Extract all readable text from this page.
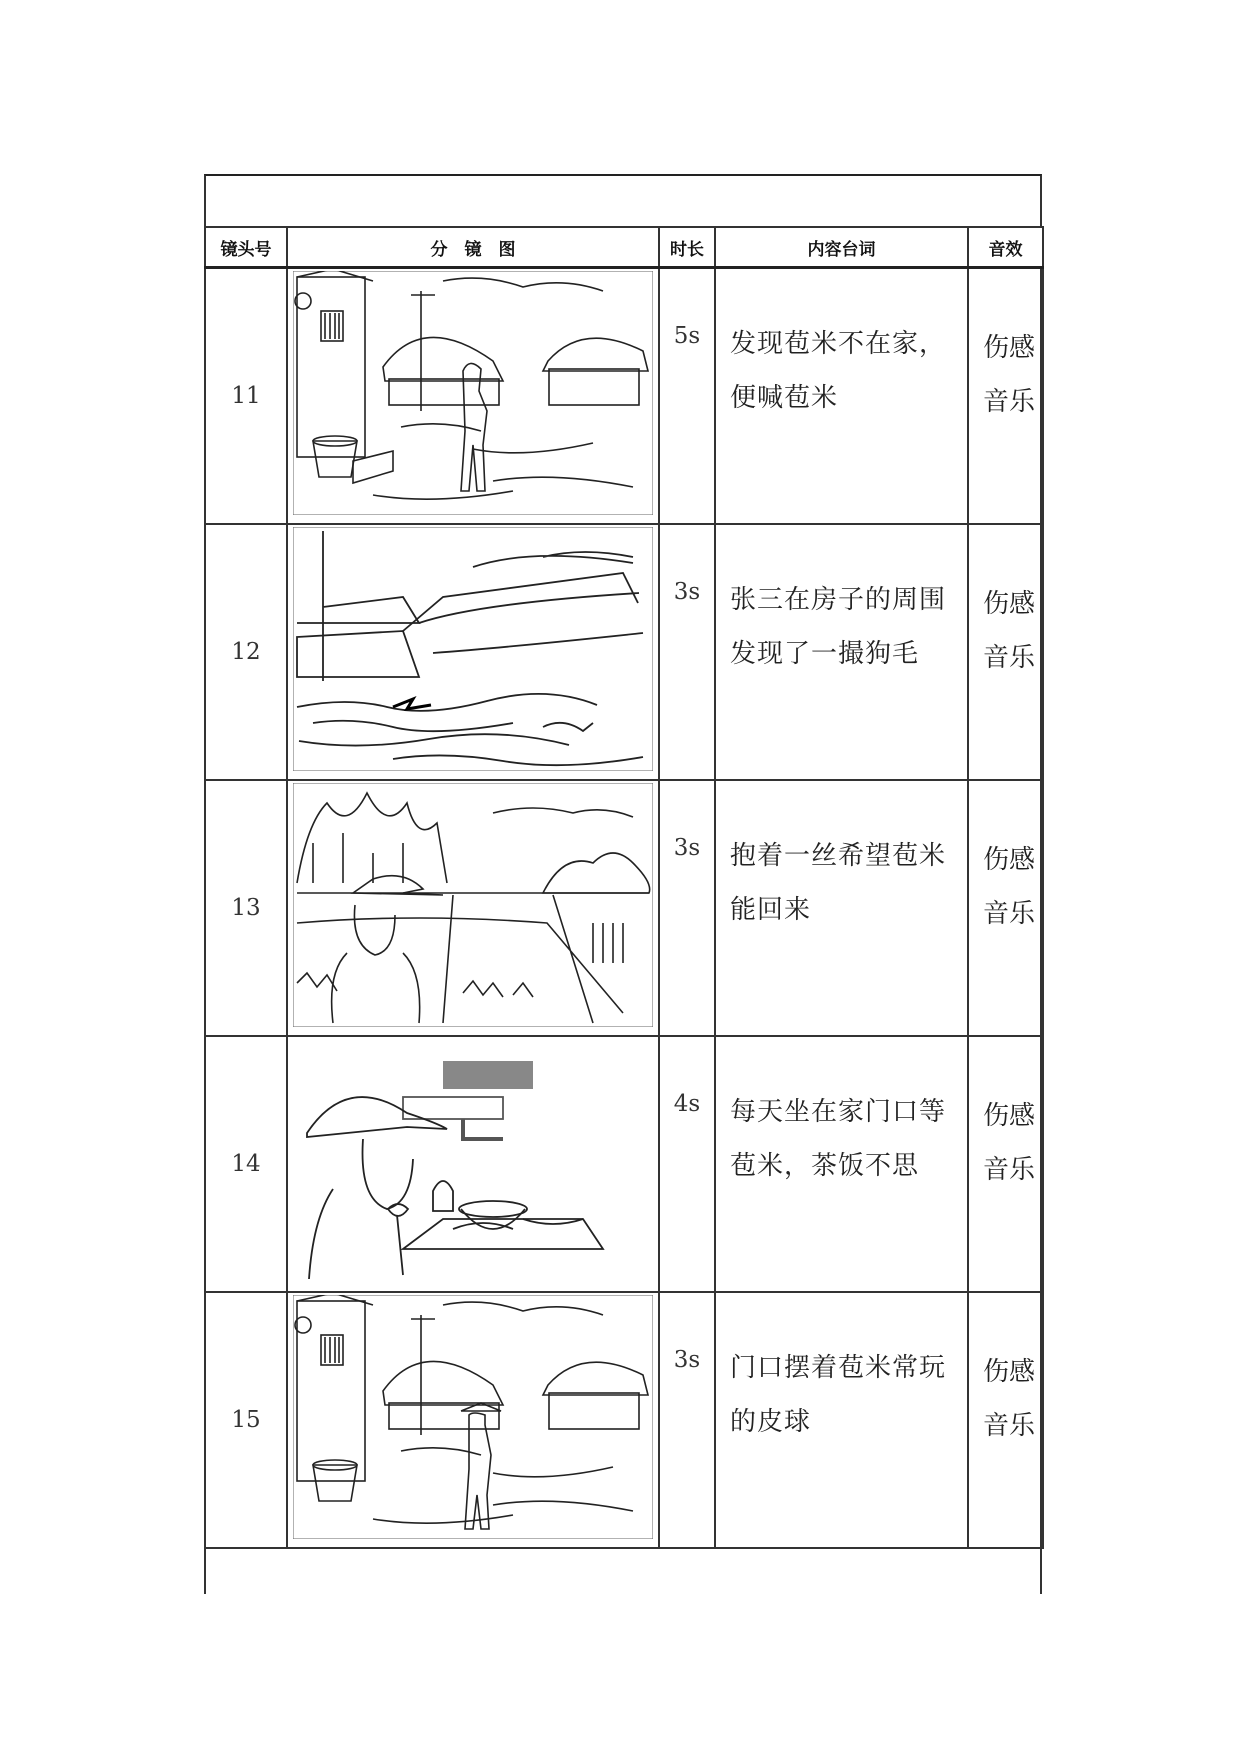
镜头号	分　镜　图	时长	内容台词	音效
11		5s	发现苞米不在家，便喊苞米	伤感音乐

12		3s	张三在房子的周围发现了一撮狗毛	伤感音乐

13		3s	抱着一丝希望苞米能回来	伤感音乐

14		4s	每天坐在家门口等苞米，茶饭不思	伤感音乐

15		3s	门口摆着苞米常玩的皮球	伤感音乐
